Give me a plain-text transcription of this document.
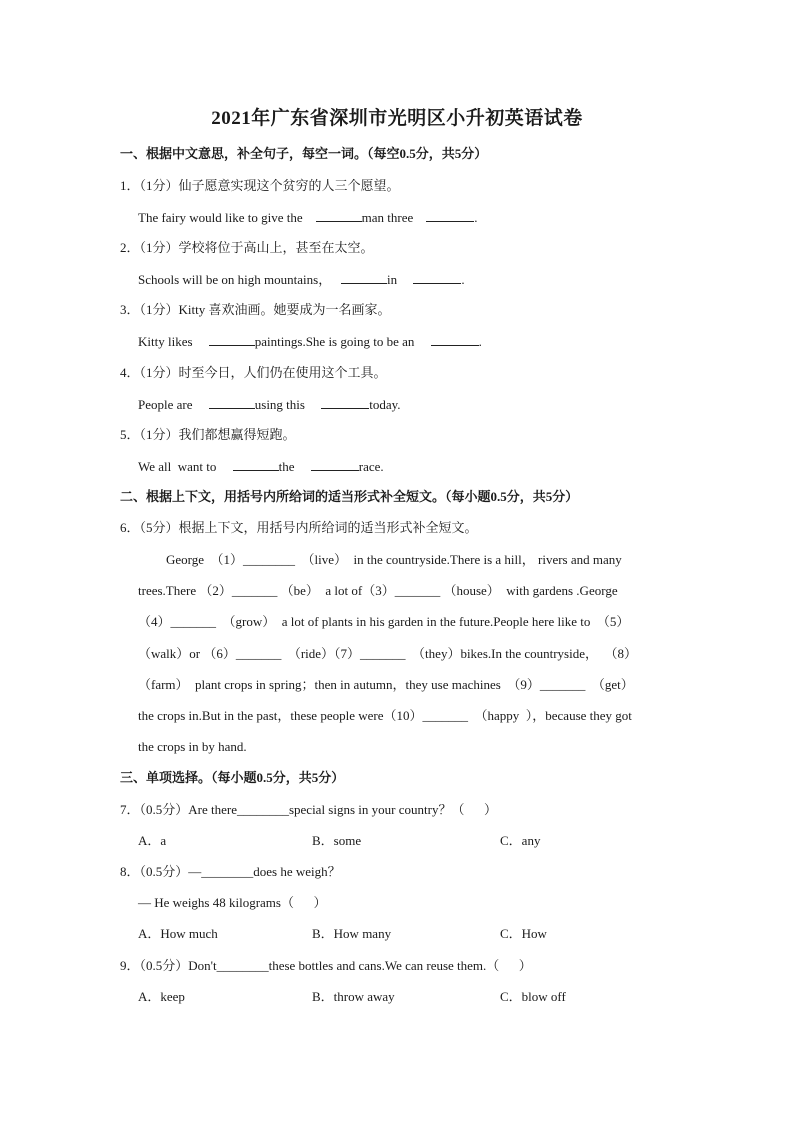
2021年广东省深圳市光明区小升初英语试卷
一、根据中文意思，补全句子，每空一词。（每空0.5分，共5分）
1．（1分）仙子愿意实现这个贫穷的人三个愿望。
The fairy would like to give the	man three	.
2．（1分）学校将位于高山上，甚至在太空。
Schools will be on high mountains，	in	.
3．（1分）Kitty 喜欢油画。她要成为一名画家。
Kitty likes	paintings.She is going to be an	.
4．（1分）时至今日，人们仍在使用这个工具。
People are	using this	today.
5．（1分）我们都想赢得短跑。
We all  want to	the	race.
二、根据上下文，用括号内所给词的适当形式补全短文。（每小题0.5分，共5分）
6．（5分）根据上下文，用括号内所给词的适当形式补全短文。
George  （1）________  （live）  in the countryside.There is a hill， rivers and many
trees.There （2）_______ （be）  a lot of（3）_______ （house）  with gardens .George
（4）_______  （grow）  a lot of plants in his garden in the future.People here like to  （5）
（walk）or （6）_______  （ride）（7）_______  （they）bikes.In the countryside，  （8）
（farm）  plant crops in spring；then in autumn，they use machines  （9）_______  （get）
the crops in.But in the past，these people were（10）_______  （happy  ），because they got
the crops in by hand.
三、单项选择。（每小题0.5分，共5分）
7．（0.5分）Are there________special signs in your country？（      ）
A．a	B．some	C．any
8．（0.5分）—________does he weigh？
— He weighs 48 kilograms（      ）
A．How much	B．How many	C．How
9．（0.5分）Don't________these bottles and cans.We can reuse them.（      ）
A．keep	B．throw away	C．blow off
